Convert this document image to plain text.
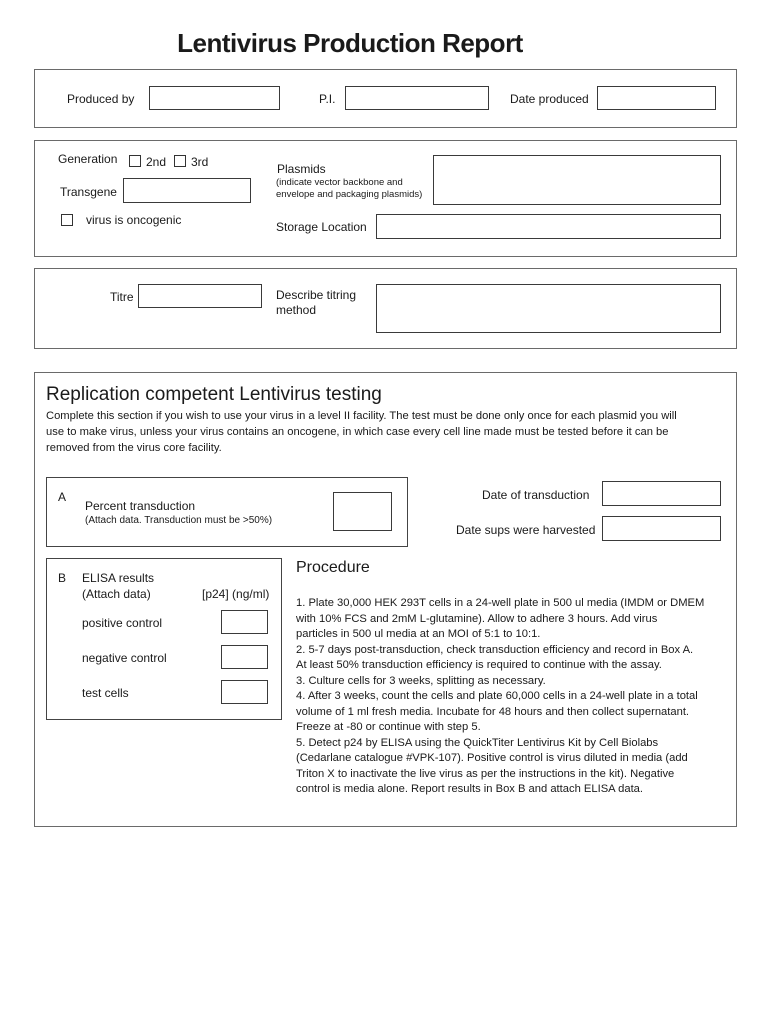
Lentivirus Production Report
Produced by	P.I.	Date produced
Generation 2nd 3rd
Transgene
virus is oncogenic
Plasmids
(indicate vector backbone and envelope and packaging plasmids)
Storage Location
Titre	Describe titring method
Replication competent Lentivirus testing
Complete this section if you wish to use your virus in a level II facility. The test must be done only once for each plasmid you will
use to make virus, unless your virus contains an oncogene, in which case every cell line made must be tested before it can be
removed from the virus core facility.
A
Percent transduction
(Attach data. Transduction must be >50%)
Date of transduction
Date sups were harvested
B ELISA results
(Attach data)	[p24] (ng/ml)
positive control
negative control
test cells
Procedure
1. Plate 30,000 HEK 293T cells in a 24-well plate in 500 ul media (IMDM or DMEM
with 10% FCS and 2mM L-glutamine). Allow to adhere 3 hours. Add virus
particles in 500 ul media at an MOI of 5:1 to 10:1.
2. 5-7 days post-transduction, check transduction efficiency and record in Box A.
At least 50% transduction efficiency is required to continue with the assay.
3. Culture cells for 3 weeks, splitting as necessary.
4. After 3 weeks, count the cells and plate 60,000 cells in a 24-well plate in a total
volume of 1 ml fresh media. Incubate for 48 hours and then collect supernatant.
Freeze at -80 or continue with step 5.
5. Detect p24 by ELISA using the QuickTiter Lentivirus Kit by Cell Biolabs
(Cedarlane catalogue #VPK-107). Positive control is virus diluted in media (add
Triton X to inactivate the live virus as per the instructions in the kit). Negative
control is media alone. Report results in Box B and attach ELISA data.
